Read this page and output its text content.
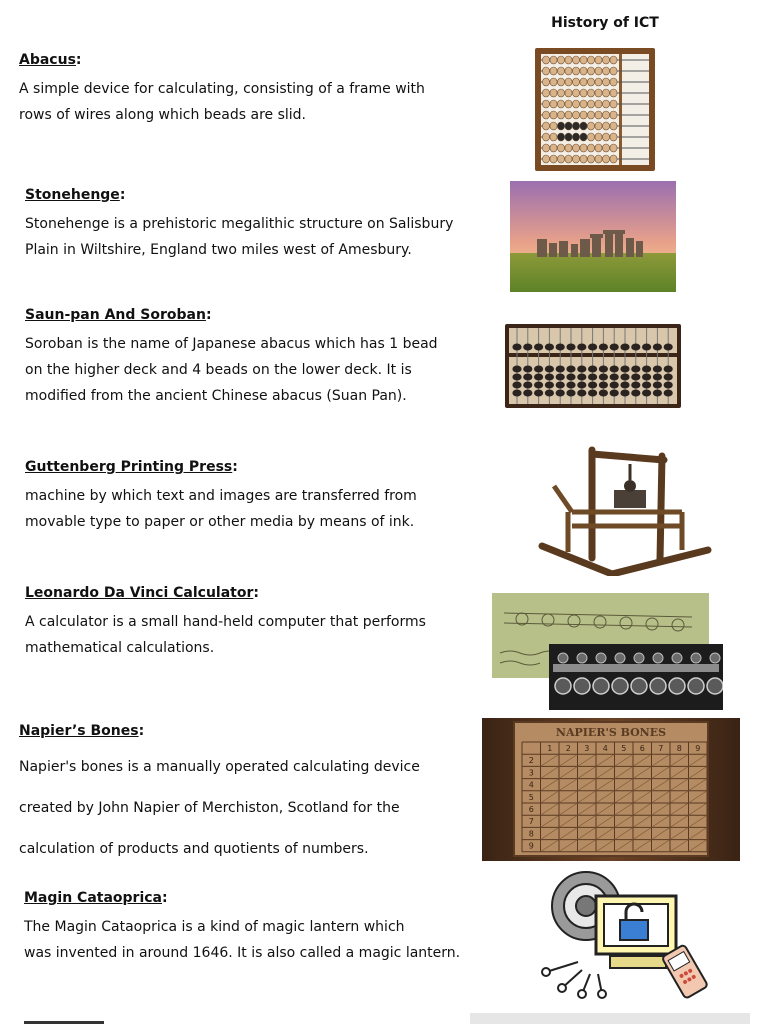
History of ICT

Abacus:

A simple device for calculating, consisting of a frame with
rows of wires along which beads are slid.

Stonehenge:

Stonehenge is a prehistoric megalithic structure on Salisbury
Plain in Wiltshire, England two miles west of Amesbury.

Saun-pan And Soroban:

Soroban is the name of Japanese abacus which has 1 bead
on the higher deck and 4 beads on the lower deck. It is
modified from the ancient Chinese abacus (Suan Pan).

Guttenberg Printing Press:

machine by which text and images are transferred from
movable type to paper or other media by means of ink.

Leonardo Da Vinci Calculator:

A calculator is a small hand-held computer that performs
mathematical calculations.

Napier’s Bones:

Napier's bones is a manually operated calculating device
created by John Napier of Merchiston, Scotland for the
calculation of products and quotients of numbers.

Magin Cataoprica:

The Magin Cataoprica is a kind of magic lantern which
was invented in around 1646. It is also called a magic lantern.

NAPIER'S BONES
1
2
2
3
3
4
4
5
5
6
6
7
7
8
8
9
9
